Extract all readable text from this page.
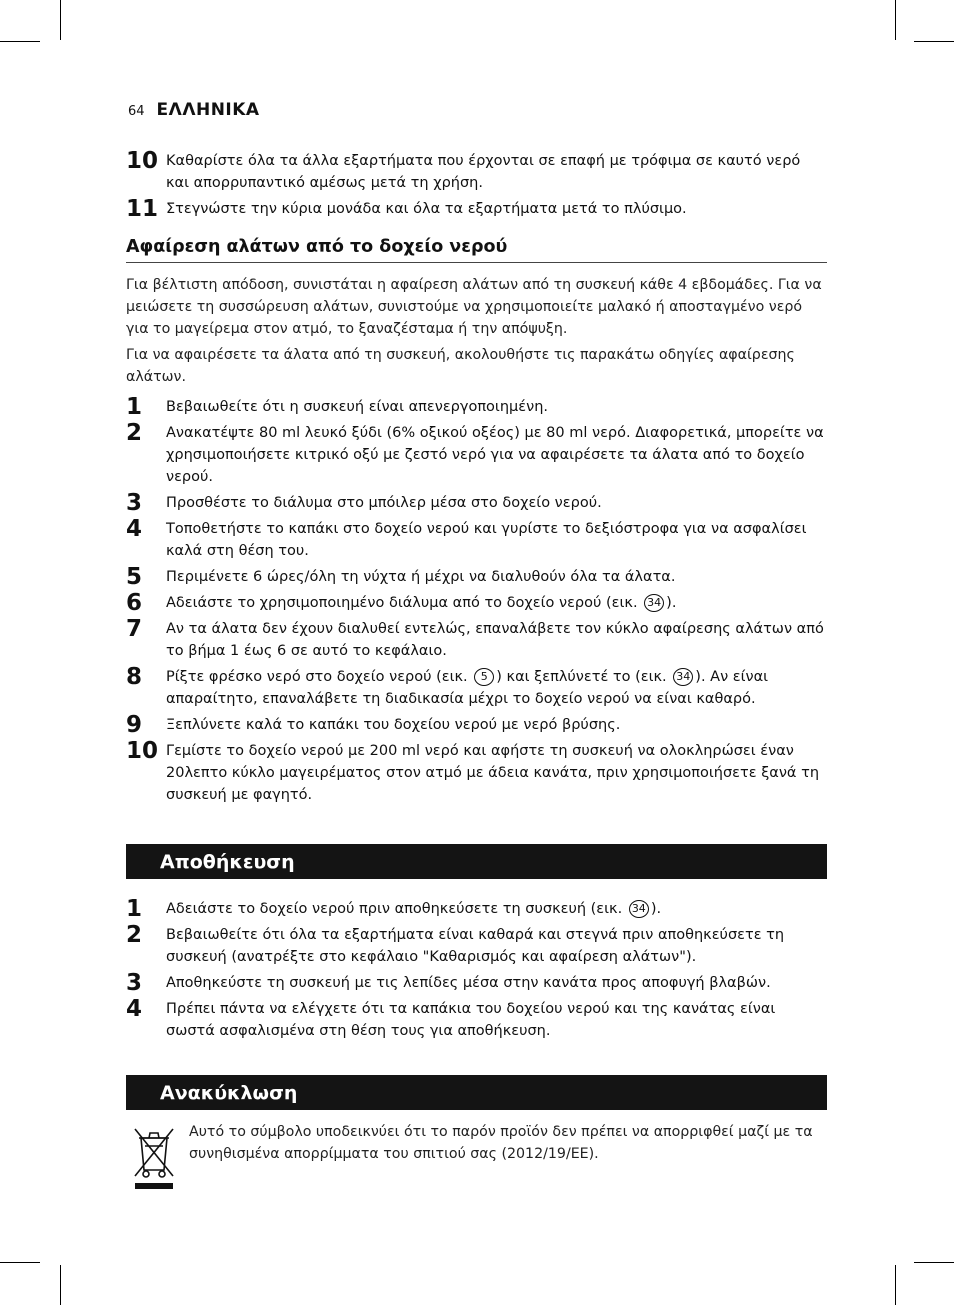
64 ΕΛΛΗΝΙΚΑ
10 Καθαρίστε όλα τα άλλα εξαρτήματα που έρχονται σε επαφή με τρόφιμα σε καυτό νερό και απορρυπαντικό αμέσως μετά τη χρήση.
11 Στεγνώστε την κύρια μονάδα και όλα τα εξαρτήματα μετά το πλύσιμο.
Αφαίρεση αλάτων από το δοχείο νερού
Για βέλτιστη απόδοση, συνιστάται η αφαίρεση αλάτων από τη συσκευή κάθε 4 εβδομάδες. Για να μειώσετε τη συσσώρευση αλάτων, συνιστούμε να χρησιμοποιείτε μαλακό ή αποσταγμένο νερό για το μαγείρεμα στον ατμό, το ξαναζέσταμα ή την απόψυξη.
Για να αφαιρέσετε τα άλατα από τη συσκευή, ακολουθήστε τις παρακάτω οδηγίες αφαίρεσης αλάτων.
1	Βεβαιωθείτε ότι η συσκευή είναι απενεργοποιημένη.
2	Ανακατέψτε 80 ml λευκό ξύδι (6% οξικού οξέος) με 80 ml νερό. Διαφορετικά, μπορείτε να χρησιμοποιήσετε κιτρικό οξύ με ζεστό νερό για να αφαιρέσετε τα άλατα από το δοχείο νερού.
3	Προσθέστε το διάλυμα στο μπόιλερ μέσα στο δοχείο νερού.
4	Τοποθετήστε το καπάκι στο δοχείο νερού και γυρίστε το δεξιόστροφα για να ασφαλίσει καλά στη θέση του.
5	Περιμένετε 6 ώρες/όλη τη νύχτα ή μέχρι να διαλυθούν όλα τα άλατα.
6	Αδειάστε το χρησιμοποιημένο διάλυμα από το δοχείο νερού (εικ. 34 ).
7	Αν τα άλατα δεν έχουν διαλυθεί εντελώς, επαναλάβετε τον κύκλο αφαίρεσης αλάτων από το βήμα 1 έως 6 σε αυτό το κεφάλαιο.
8	Ρίξτε φρέσκο νερό στο δοχείο νερού (εικ. 5 ) και ξεπλύνετέ το (εικ. 34 ). Αν είναι απαραίτητο, επαναλάβετε τη διαδικασία μέχρι το δοχείο νερού να είναι καθαρό.
9	Ξεπλύνετε καλά το καπάκι του δοχείου νερού με νερό βρύσης.
10 Γεμίστε το δοχείο νερού με 200 ml νερό και αφήστε τη συσκευή να ολοκληρώσει έναν 20λεπτο κύκλο μαγειρέματος στον ατμό με άδεια κανάτα, πριν χρησιμοποιήσετε ξανά τη συσκευή με φαγητό.
Αποθήκευση
1	Αδειάστε το δοχείο νερού πριν αποθηκεύσετε τη συσκευή (εικ. 34 ).
2	Βεβαιωθείτε ότι όλα τα εξαρτήματα είναι καθαρά και στεγνά πριν αποθηκεύσετε τη συσκευή (ανατρέξτε στο κεφάλαιο "Καθαρισμός και αφαίρεση αλάτων").
3	Αποθηκεύστε τη συσκευή με τις λεπίδες μέσα στην κανάτα προς αποφυγή βλαβών.
4	Πρέπει πάντα να ελέγχετε ότι τα καπάκια του δοχείου νερού και της κανάτας είναι σωστά ασφαλισμένα στη θέση τους για αποθήκευση.
Ανακύκλωση
Αυτό το σύμβολο υποδεικνύει ότι το παρόν προϊόν δεν πρέπει να απορριφθεί μαζί με τα συνηθισμένα απορρίμματα του σπιτιού σας (2012/19/EE).
